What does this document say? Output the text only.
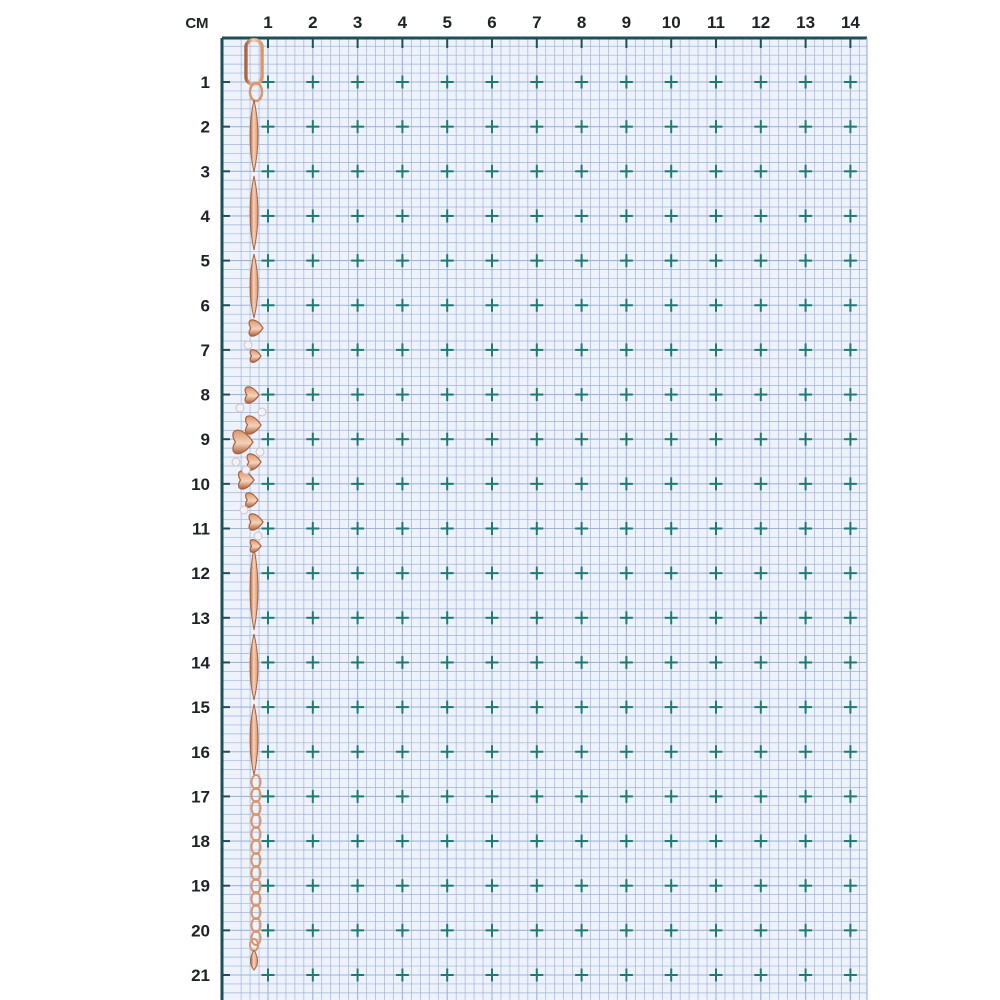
1 2 3 4 5 6 7 8 9 10 11 12 13 14
1
2
3
4
5
6
7
8
9
10
11
12
13
14
15
16
17
18
19
20
21
СМ
